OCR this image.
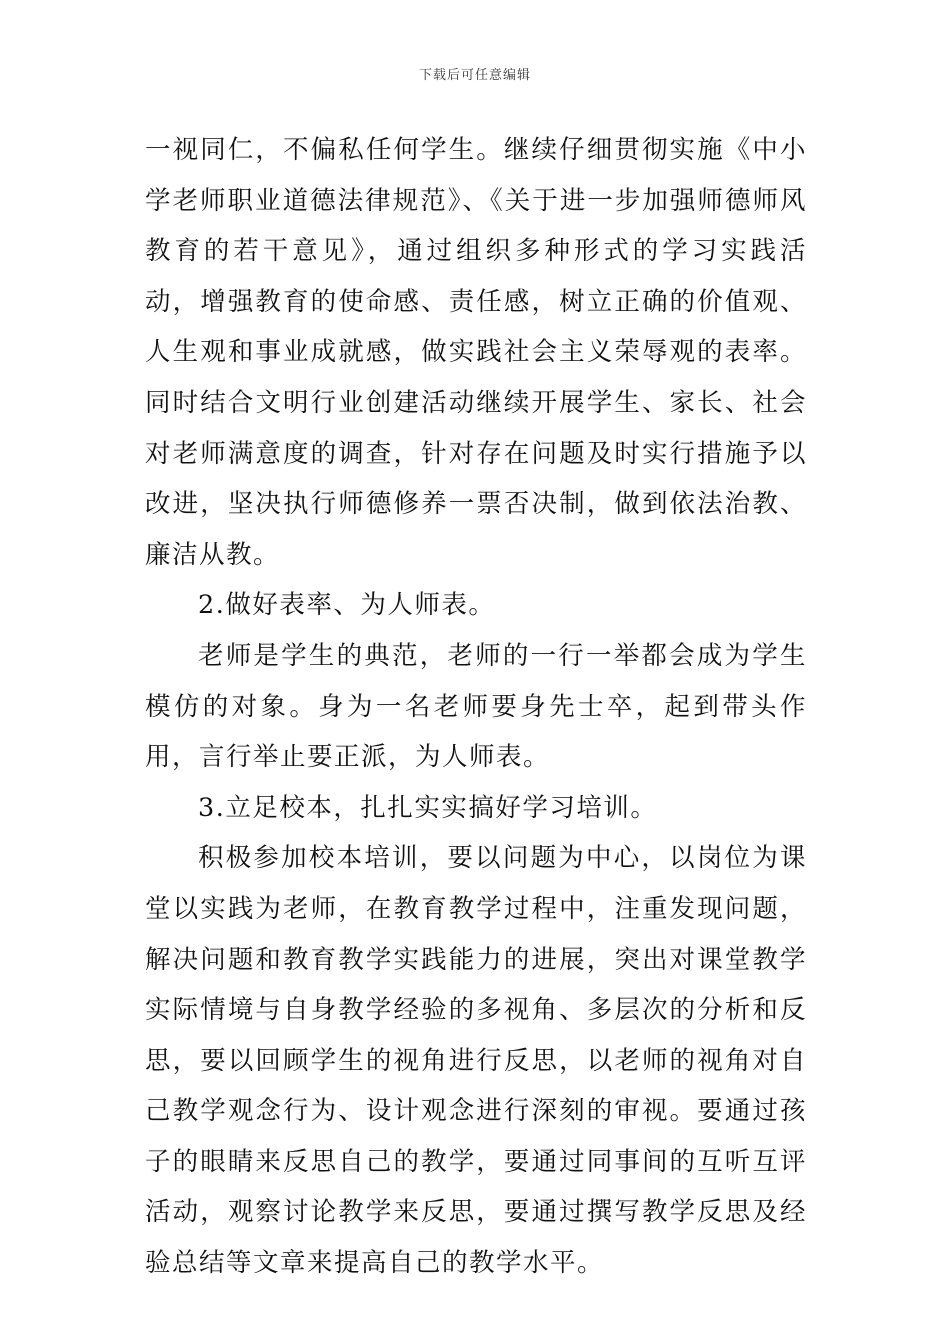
下载后可任意编辑

一视同仁，不偏私任何学生。继续仔细贯彻实施《中小学老师职业道德法律规范》、《关于进一步加强师德师风教育的若干意见》，通过组织多种形式的学习实践活动，增强教育的使命感、责任感，树立正确的价值观、人生观和事业成就感，做实践社会主义荣辱观的表率。同时结合文明行业创建活动继续开展学生、家长、社会对老师满意度的调查，针对存在问题及时实行措施予以改进，坚决执行师德修养一票否决制，做到依法治教、廉洁从教。

2.做好表率、为人师表。

老师是学生的典范，老师的一行一举都会成为学生模仿的对象。身为一名老师要身先士卒，起到带头作用，言行举止要正派，为人师表。

3.立足校本，扎扎实实搞好学习培训。

积极参加校本培训，要以问题为中心，以岗位为课堂以实践为老师，在教育教学过程中，注重发现问题，解决问题和教育教学实践能力的进展，突出对课堂教学实际情境与自身教学经验的多视角、多层次的分析和反思，要以回顾学生的视角进行反思，以老师的视角对自己教学观念行为、设计观念进行深刻的审视。要通过孩子的眼睛来反思自己的教学，要通过同事间的互听互评活动，观察讨论教学来反思，要通过撰写教学反思及经验总结等文章来提高自己的教学水平。
